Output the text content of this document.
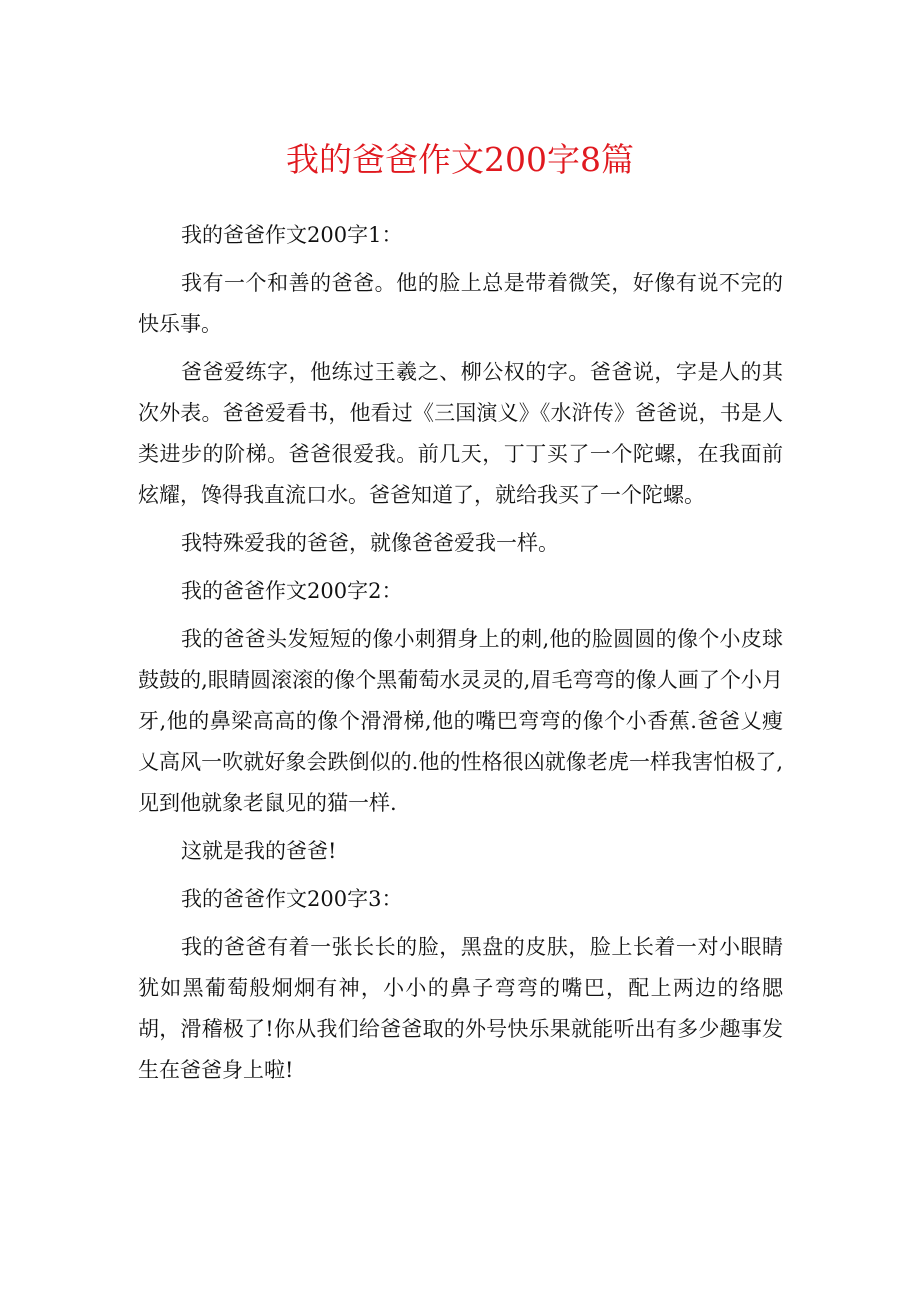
我的爸爸作文200字8篇

我的爸爸作文200字1：

我有一个和善的爸爸。他的脸上总是带着微笑，好像有说不完的快乐事。

爸爸爱练字，他练过王羲之、柳公权的字。爸爸说，字是人的其次外表。爸爸爱看书，他看过《三国演义》《水浒传》爸爸说，书是人类进步的阶梯。爸爸很爱我。前几天，丁丁买了一个陀螺，在我面前炫耀，馋得我直流口水。爸爸知道了，就给我买了一个陀螺。

我特殊爱我的爸爸，就像爸爸爱我一样。

我的爸爸作文200字2：

我的爸爸头发短短的像小刺猬身上的刺,他的脸圆圆的像个小皮球鼓鼓的,眼睛圆滚滚的像个黑葡萄水灵灵的,眉毛弯弯的像人画了个小月牙,他的鼻梁高高的像个滑滑梯,他的嘴巴弯弯的像个小香蕉.爸爸乂瘦乂高风一吹就好象会跌倒似的.他的性格很凶就像老虎一样我害怕极了,见到他就象老鼠见的猫一样.

这就是我的爸爸!

我的爸爸作文200字3：

我的爸爸有着一张长长的脸，黑盘的皮肤，脸上长着一对小眼睛犹如黑葡萄般炯炯有神，小小的鼻子弯弯的嘴巴，配上两边的络腮胡，滑稽极了!你从我们给爸爸取的外号快乐果就能听出有多少趣事发生在爸爸身上啦!
